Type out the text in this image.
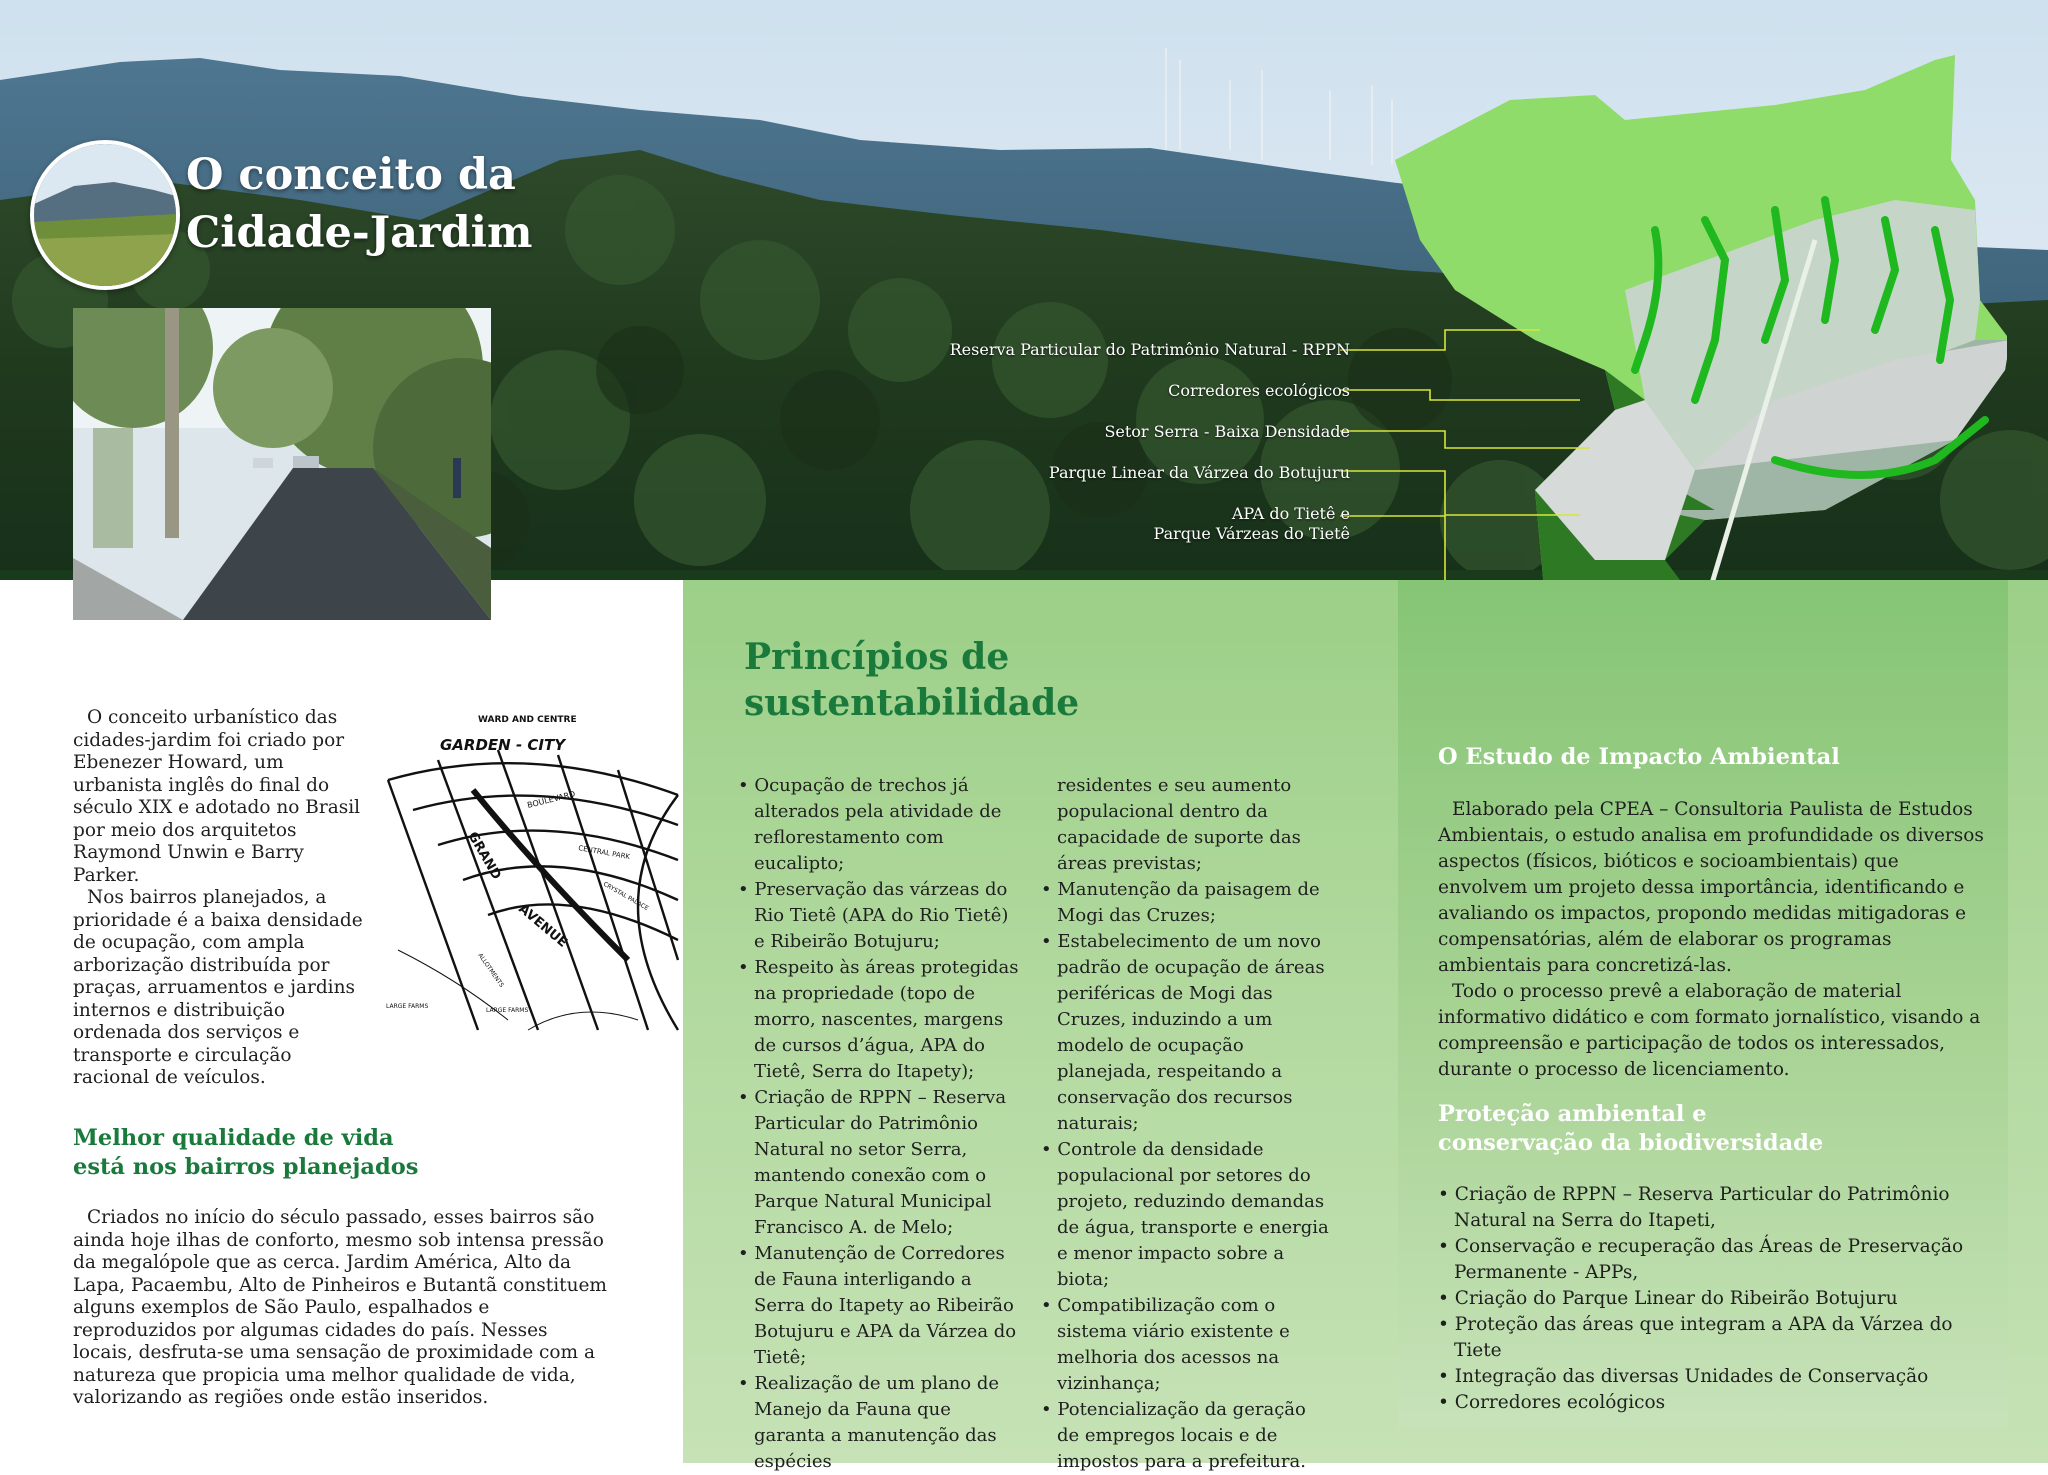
O conceito da
Cidade-Jardim
Reserva Particular do Patrimônio Natural - RPPN
Corredores ecológicos
Setor Serra - Baixa Densidade
Parque Linear da Várzea do Botujuru
APA do Tietê e
Parque Várzeas do Tietê

O conceito urbanístico das cidades-jardim foi criado por Ebenezer Howard, um urbanista inglês do final do século XIX e adotado no Brasil por meio dos arquitetos Raymond Unwin e Barry Parker.

Nos bairros planejados, a prioridade é a baixa densidade de ocupação, com ampla arborização distribuída por praças, arruamentos e jardins internos e distribuição ordenada dos serviços e transporte e circulação racional de veículos.

WARD AND CENTRE
GARDEN - CITY
BOULEVARD
CENTRAL PARK
CRYSTAL PALACE
GRAND
AVENUE
ALLOTMENTS
LARGE FARMS
LARGE FARMS
Melhor qualidade de vida
está nos bairros planejados

Criados no início do século passado, esses bairros são ainda hoje ilhas de conforto, mesmo sob intensa pressão da megalópole que as cerca. Jardim América, Alto da Lapa, Pacaembu, Alto de Pinheiros e Butantã constituem alguns exemplos de São Paulo, espalhados e reproduzidos por algumas cidades do país. Nesses locais, desfruta-se uma sensação de proximidade com a natureza que propicia uma melhor qualidade de vida, valorizando as regiões onde estão inseridos.

Princípios de
sustentabilidade
• Ocupação de trechos já alterados pela atividade de reflorestamento com eucalipto;
• Preservação das várzeas do Rio Tietê (APA do Rio Tietê) e Ribeirão Botujuru;
• Respeito às áreas protegidas na propriedade (topo de morro, nascentes, margens de cursos d’água, APA do Tietê, Serra do Itapety);
• Criação de RPPN – Reserva Particular do Patrimônio Natural no setor Serra, mantendo conexão com o Parque Natural Municipal Francisco A. de Melo;
• Manutenção de Corredores de Fauna interligando a Serra do Itapety ao Ribeirão Botujuru e APA da Várzea do Tietê;
• Realização de um plano de Manejo da Fauna que garanta a manutenção das espécies
residentes e seu aumento populacional dentro da capacidade de suporte das áreas previstas;
• Manutenção da paisagem de Mogi das Cruzes;
• Estabelecimento de um novo padrão de ocupação de áreas periféricas de Mogi das Cruzes, induzindo a um modelo de ocupação planejada, respeitando a conservação dos recursos naturais;
• Controle da densidade populacional por setores do projeto, reduzindo demandas de água, transporte e energia e menor impacto sobre a biota;
• Compatibilização com o sistema viário existente e melhoria dos acessos na vizinhança;
• Potencialização da geração de empregos locais e de impostos para a prefeitura.
O Estudo de Impacto Ambiental

Elaborado pela CPEA – Consultoria Paulista de Estudos Ambientais, o estudo analisa em profundidade os diversos aspectos (físicos, bióticos e socioambientais) que envolvem um projeto dessa importância, identificando e avaliando os impactos, propondo medidas mitigadoras e compensatórias, além de elaborar os programas ambientais para concretizá-las.

Todo o processo prevê a elaboração de material informativo didático e com formato jornalístico, visando a compreensão e participação de todos os interessados, durante o processo de licenciamento.

Proteção ambiental e
conservação da biodiversidade
• Criação de RPPN – Reserva Particular do Patrimônio Natural na Serra do Itapeti,
• Conservação e recuperação das Áreas de Preservação Permanente - APPs,
• Criação do Parque Linear do Ribeirão Botujuru
• Proteção das áreas que integram a APA da Várzea do Tiete
• Integração das diversas Unidades de Conservação
• Corredores ecológicos
